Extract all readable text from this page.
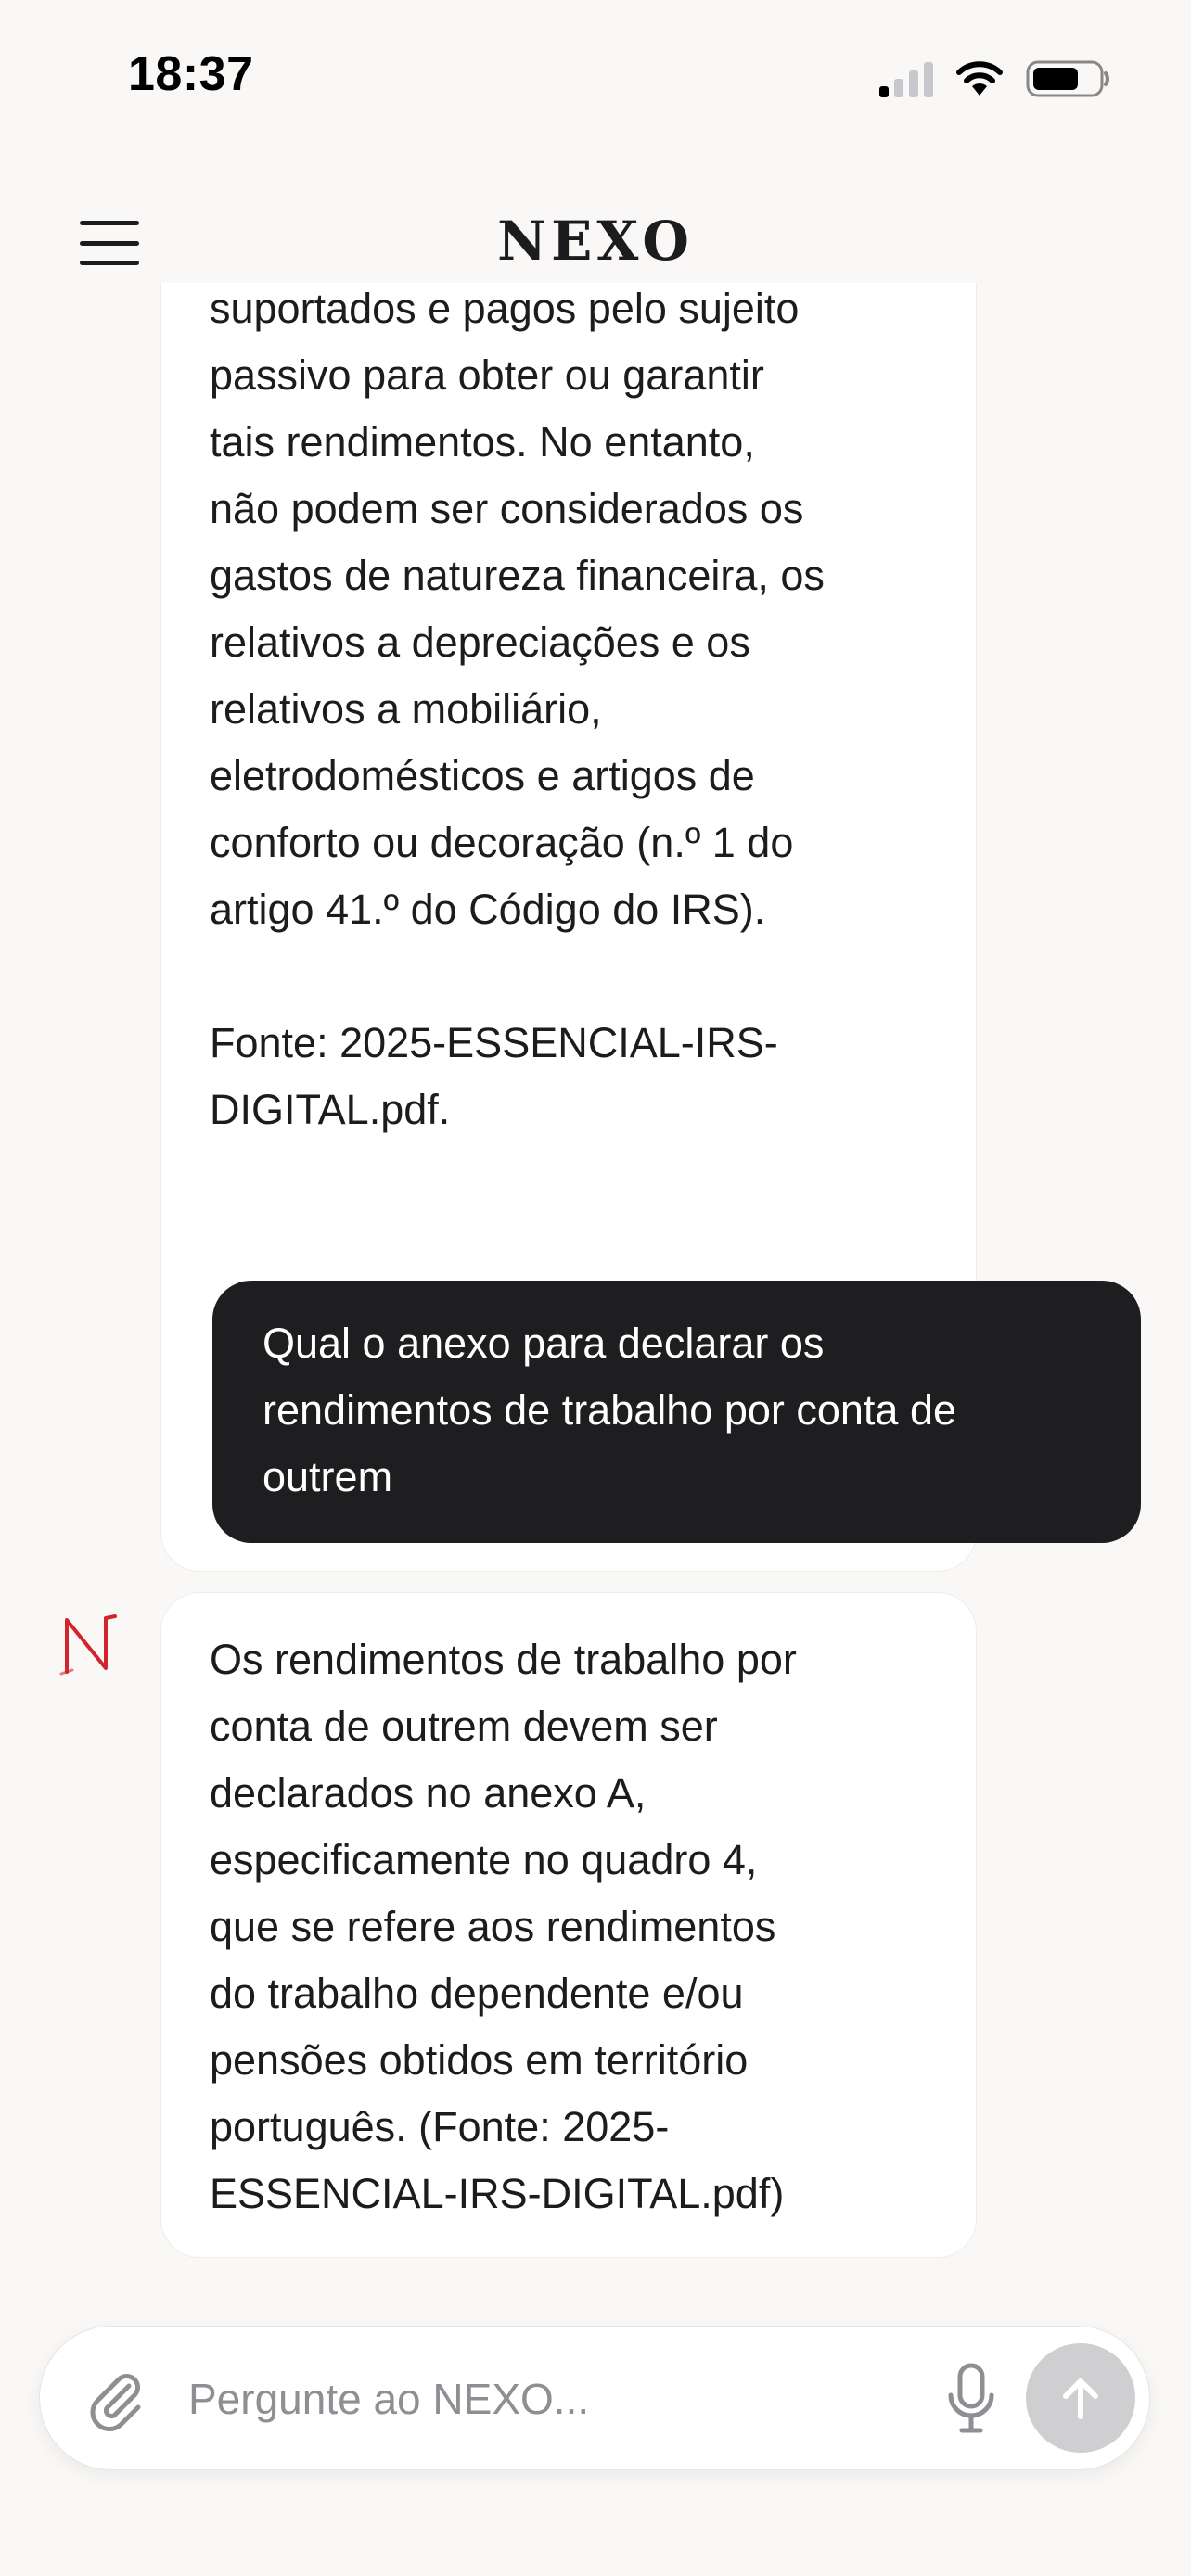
18:37
NEXO
suportados e pagos pelo sujeito
passivo para obter ou garantir
tais rendimentos. No entanto,
não podem ser considerados os
gastos de natureza financeira, os
relativos a depreciações e os
relativos a mobiliário,
eletrodomésticos e artigos de
conforto ou decoração (n.º 1 do
artigo 41.º do Código do IRS).

Fonte: 2025-ESSENCIAL-IRS-
DIGITAL.pdf.
Qual o anexo para declarar os
rendimentos de trabalho por conta de
outrem
Os rendimentos de trabalho por
conta de outrem devem ser
declarados no anexo A,
especificamente no quadro 4,
que se refere aos rendimentos
do trabalho dependente e/ou
pensões obtidos em território
português. (Fonte: 2025-
ESSENCIAL-IRS-DIGITAL.pdf)
Pergunte ao NEXO...
